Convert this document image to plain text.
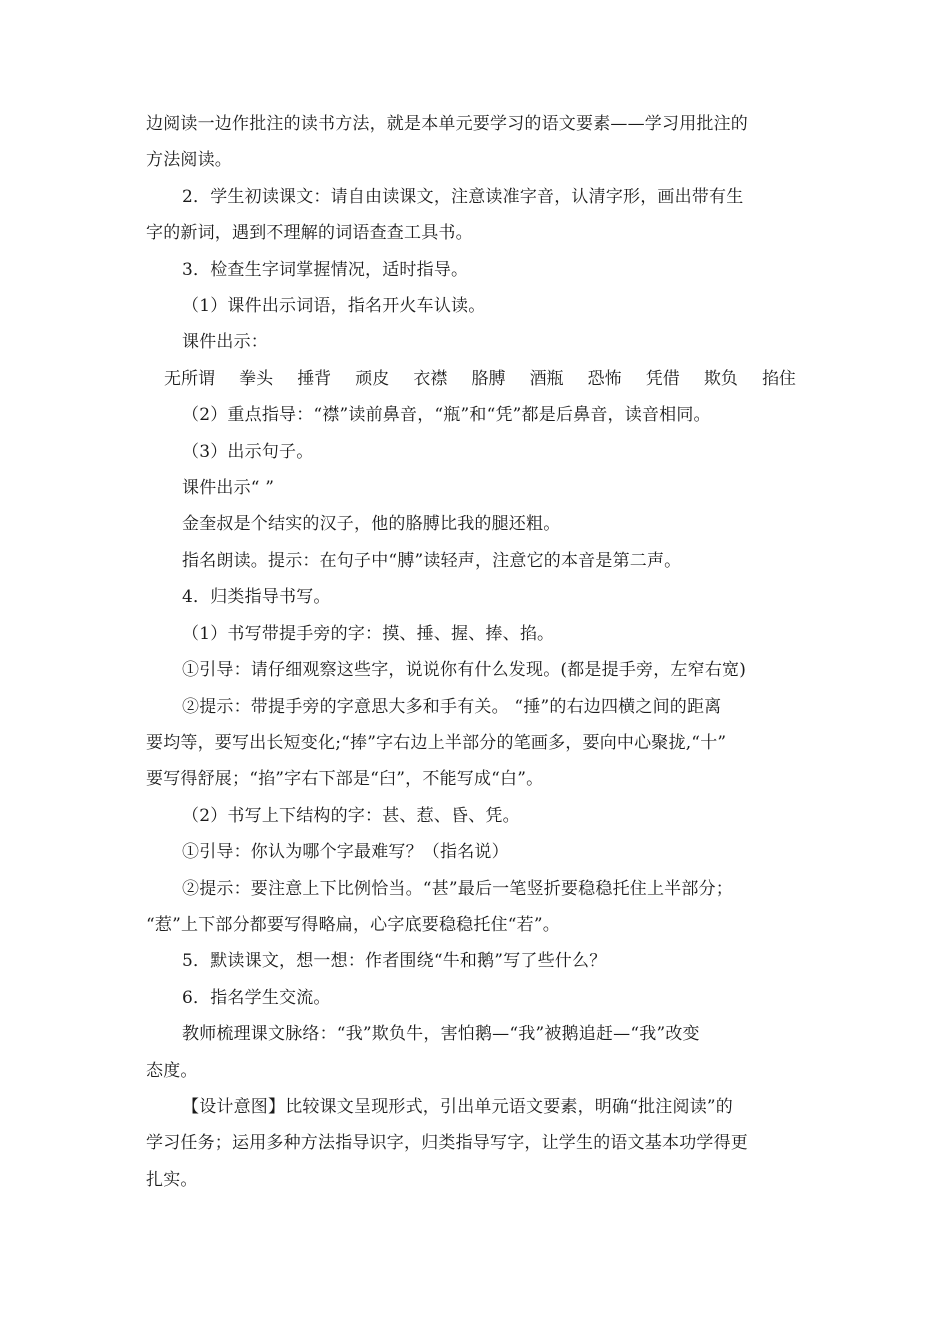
边阅读一边作批注的读书方法，就是本单元要学习的语文要素——学习用批注的
方法阅读。
2．学生初读课文：请自由读课文，注意读准字音，认清字形，画出带有生
字的新词，遇到不理解的词语查查工具书。
3．检查生字词掌握情况，适时指导。
（1）课件出示词语，指名开火车认读。
课件出示：
无所谓 拳头 捶背 顽皮 衣襟 胳膊 酒瓶 恐怖 凭借 欺负 掐住
（2）重点指导：“襟”读前鼻音，“瓶”和“凭”都是后鼻音，读音相同。
（3）出示句子。
课件出示“ ”
金奎叔是个结实的汉子，他的胳膊比我的腿还粗。
指名朗读。提示：在句子中“膊”读轻声，注意它的本音是第二声。
4．归类指导书写。
（1）书写带提手旁的字：摸、捶、握、捧、掐。
①引导：请仔细观察这些字，说说你有什么发现。(都是提手旁，左窄右宽)
②提示：带提手旁的字意思大多和手有关。 “捶”的右边四横之间的距离
要均等，要写出长短变化;“捧”字右边上半部分的笔画多，要向中心聚拢,“十”
要写得舒展；“掐”字右下部是“臼”，不能写成“白”。
（2）书写上下结构的字：甚、惹、昏、凭。
①引导：你认为哪个字最难写？（指名说）
②提示：要注意上下比例恰当。“甚”最后一笔竖折要稳稳托住上半部分；
“惹”上下部分都要写得略扁，心字底要稳稳托住“若”。
5．默读课文，想一想：作者围绕“牛和鹅”写了些什么？
6．指名学生交流。
教师梳理课文脉络：“我”欺负牛，害怕鹅—“我”被鹅追赶—“我”改变
态度。
【设计意图】比较课文呈现形式，引出单元语文要素，明确“批注阅读”的
学习任务；运用多种方法指导识字，归类指导写字，让学生的语文基本功学得更
扎实。
